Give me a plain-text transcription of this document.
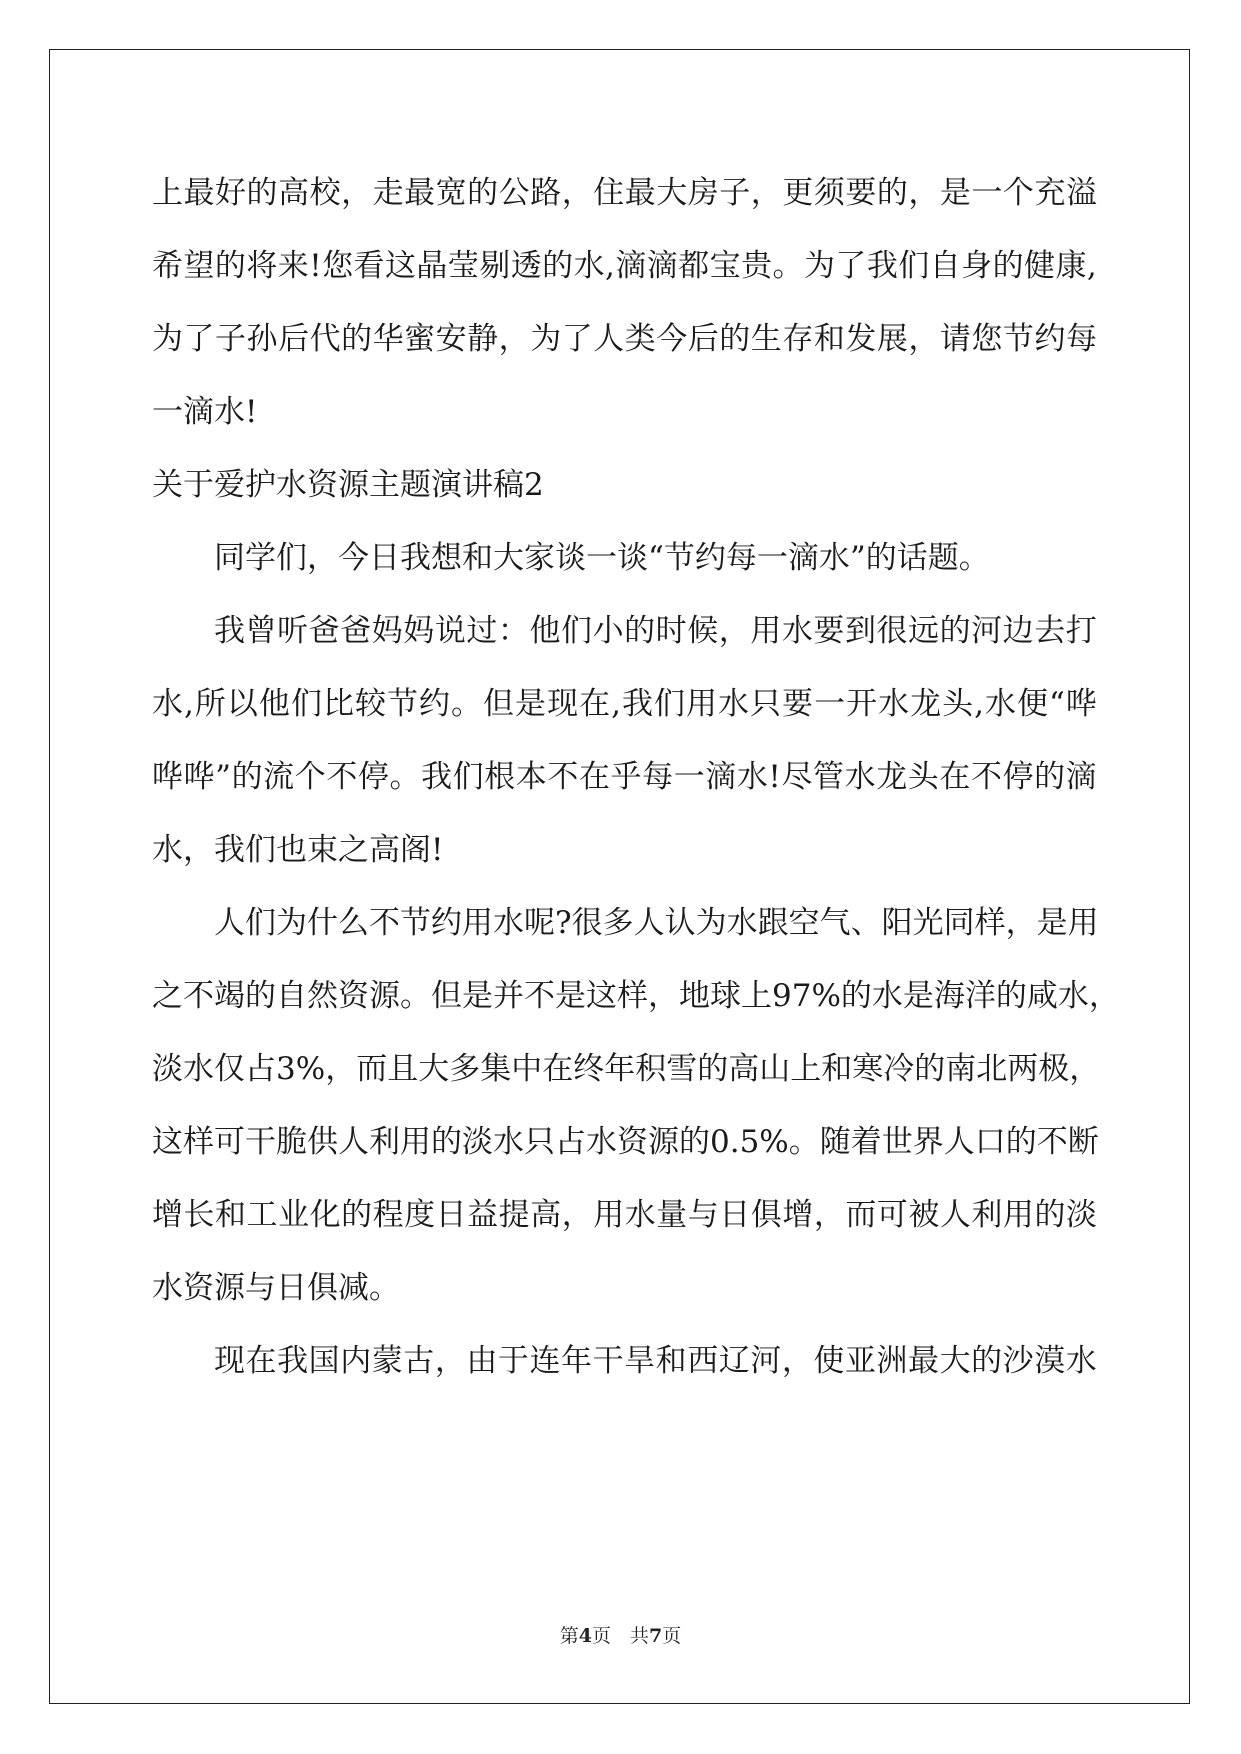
上 最 好 的 高 校 ， 走 最 宽 的 公 路 ， 住 最 大 房 子 ， 更 须 要 的 ， 是 一 个 充 溢
希 望 的 将 来 ! 您 看 这 晶 莹 剔 透 的 水 , 滴 滴 都 宝 贵 。 为 了 我 们 自 身 的 健 康 ,
为 了 子 孙 后 代 的 华 蜜 安 静 ， 为 了 人 类 今 后 的 生 存 和 发 展 ， 请 您 节 约 每
一滴水!
关于爱护水资源主题演讲稿2
同学们，今日我想和大家谈一谈“节约每一滴水”的话题。
我 曾 听 爸 爸 妈 妈 说 过 ： 他 们 小 的 时 候 ， 用 水 要 到 很 远 的 河 边 去 打
水 , 所 以 他 们 比 较 节 约 。 但 是 现 在 , 我 们 用 水 只 要 一 开 水 龙 头 , 水 便 “ 哗
哗 哗 ” 的 流 个 不 停 。 我 们 根 本 不 在 乎 每 一 滴 水 ! 尽 管 水 龙 头 在 不 停 的 滴
水，我们也束之高阁!
人 们 为 什 么 不 节 约 用 水 呢 ? 很 多 人 认 为 水 跟 空 气 、 阳 光 同 样 ， 是 用
之 不 竭 的 自 然 资 源 。 但 是 并 不 是 这 样 ， 地 球 上 97% 的 水 是 海 洋 的 咸 水 ，
淡 水 仅 占 3% ， 而 且 大 多 集 中 在 终 年 积 雪 的 高 山 上 和 寒 冷 的 南 北 两 极 ，
这 样 可 干 脆 供 人 利 用 的 淡 水 只 占 水 资 源 的 0.5% 。 随 着 世 界 人 口 的 不 断
增 长 和 工 业 化 的 程 度 日 益 提 高 ， 用 水 量 与 日 俱 增 ， 而 可 被 人 利 用 的 淡
水资源与日俱减。
现 在 我 国 内 蒙 古 ， 由 于 连 年 干 旱 和 西 辽 河 ， 使 亚 洲 最 大 的 沙 漠 水
第4页　共7页
